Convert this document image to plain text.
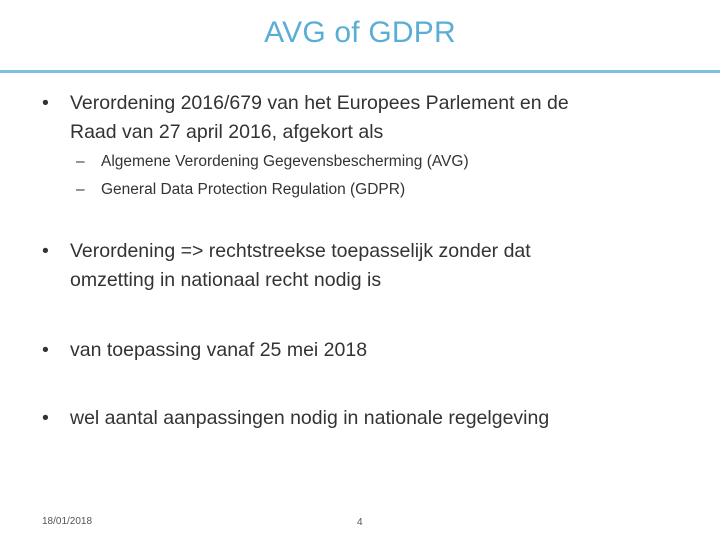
AVG of GDPR
• Verordening 2016/679 van het Europees Parlement en de
Raad van 27 april 2016, afgekort als
– Algemene Verordening Gegevensbescherming (AVG)
– General Data Protection Regulation (GDPR)
• Verordening => rechtstreekse toepasselijk zonder dat
omzetting in nationaal recht nodig is
• van toepassing vanaf 25 mei 2018
• wel aantal aanpassingen nodig in nationale regelgeving
18/01/2018	4
